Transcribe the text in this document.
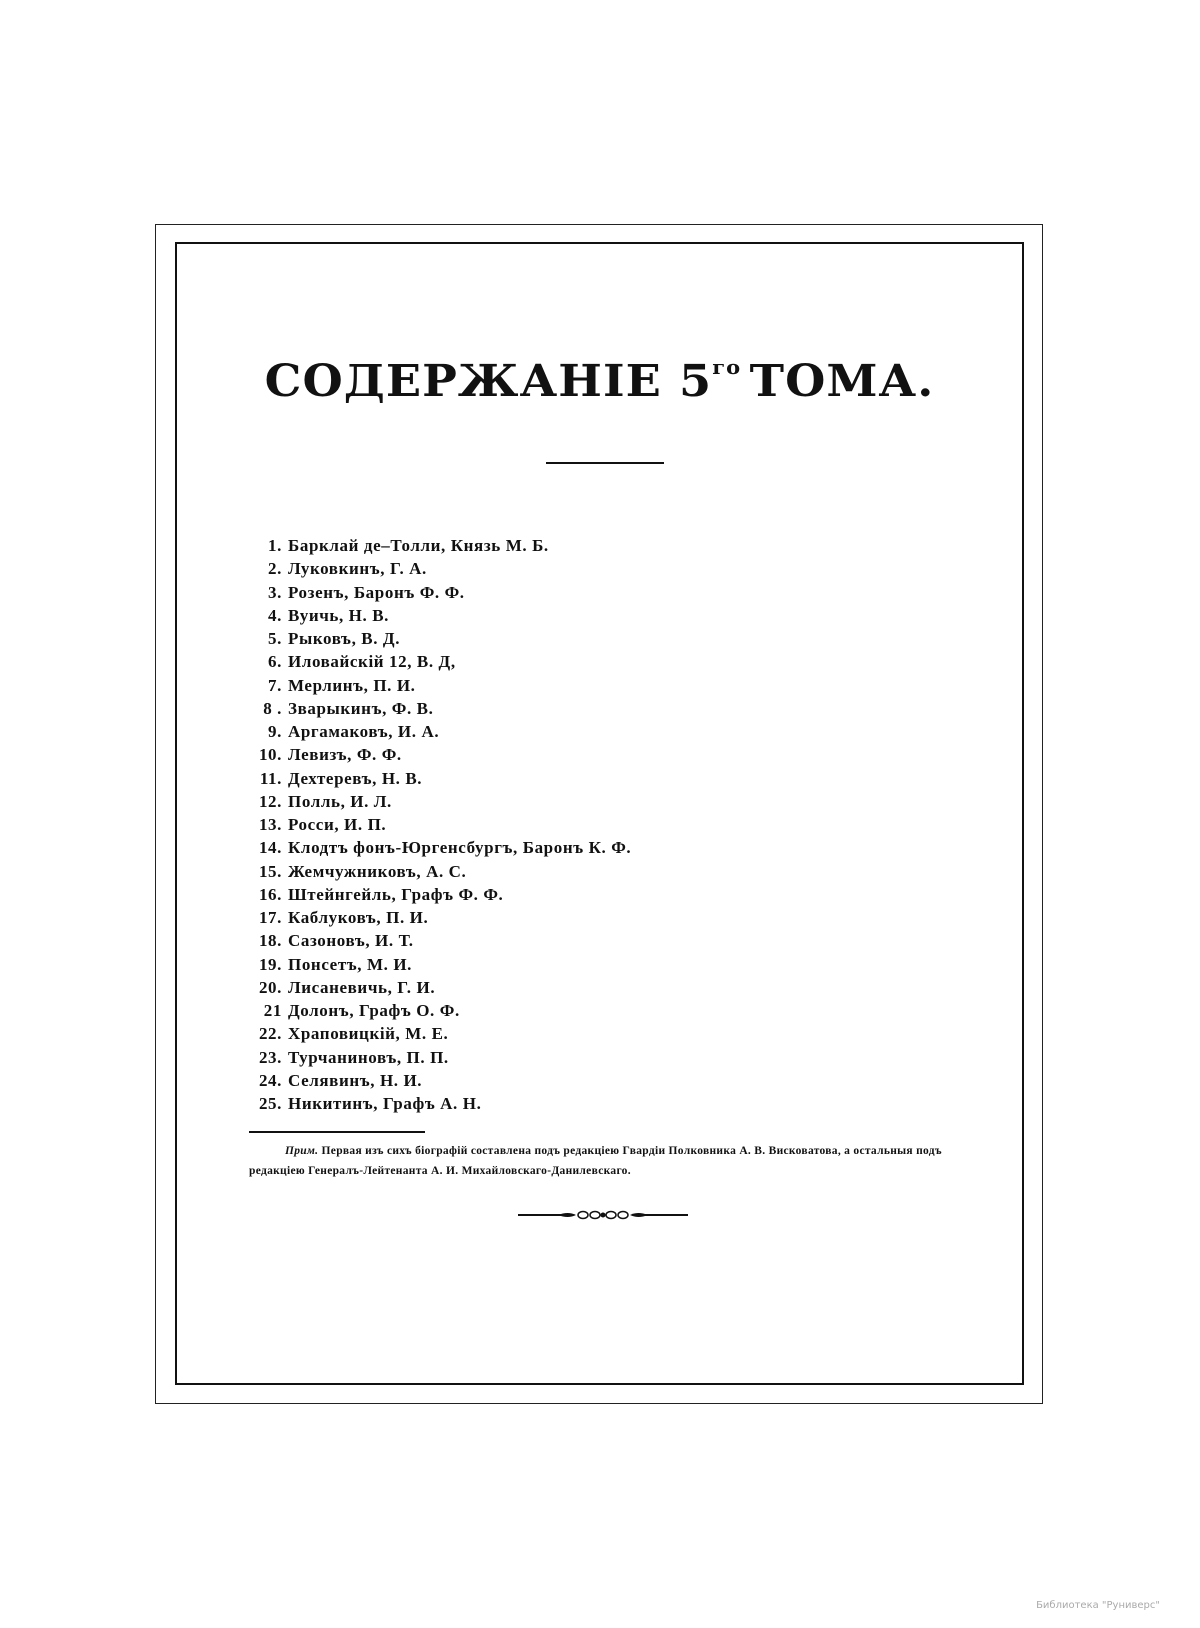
СОДЕРЖАНІЕ $5^{го}$ ТОМА.
1. Барклай де–Толли, Князь М. Б.
2. Луковкинъ, Г. А.
3. Розенъ, Баронъ Ф. Ф.
4. Вуичь, Н. В.
5. Рыковъ, В. Д.
6. Иловайскій 12, В. Д,
7. Мерлинъ, П. И.
8 . Зварыкинъ, Ф. В.
9. Аргамаковъ, И. А.
10. Левизъ, Ф. Ф.
11. Дехтеревъ, Н. В.
12. Полль, И. Л.
13. Росси, И. П.
14. Клодтъ фонъ-Юргенсбургъ, Баронъ К. Ф.
15. Жемчужниковъ, А. С.
16. Штейнгейль, Графъ Ф. Ф.
17. Каблуковъ, П. И.
18. Сазоновъ, И. Т.
19. Понсетъ, М. И.
20. Лисаневичь, Г. И.
21 Долонъ, Графъ О. Ф.
22. Храповицкій, М. Е.
23. Турчаниновъ, П. П.
24. Селявинъ, Н. И.
25. Никитинъ, Графъ А. Н.
Прим. Первая изъ сихъ біографій составлена подъ редакціею Гвардіи Полковника А. В. Висковатова, а остальныя подъ редакціею Генералъ-Лейтенанта А. И. Михайловскаго-Данилевскаго.
Библиотека "Руниверс"
